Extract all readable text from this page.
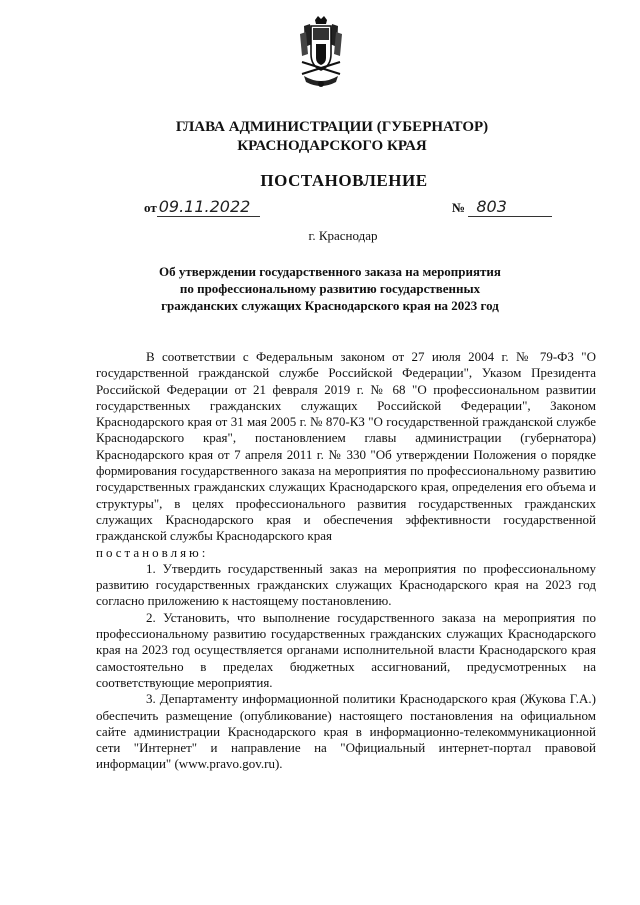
ГЛАВА АДМИНИСТРАЦИИ (ГУБЕРНАТОР)
КРАСНОДАРСКОГО КРАЯ
ПОСТАНОВЛЕНИЕ
от 09.11.2022	№ 803
г. Краснодар
Об утверждении государственного заказа на мероприятия
по профессиональному развитию государственных
гражданских служащих Краснодарского края на 2023 год

В соответствии с Федеральным законом от 27 июля 2004 г. № 79-ФЗ "О государственной гражданской службе Российской Федерации", Указом Президента Российской Федерации от 21 февраля 2019 г. № 68 "О профессиональном развитии государственных гражданских служащих Российской Федерации", Законом Краснодарского края от 31 мая 2005 г. № 870-КЗ "О государственной гражданской службе Краснодарского края", постановлением главы администрации (губернатора) Краснодарского края от 7 апреля 2011 г. № 330 "Об утверждении Положения о порядке формирования государственного заказа на мероприятия по профессиональному развитию государственных гражданских служащих Краснодарского края, определения его объема и структуры", в целях профессионального развития государственных гражданских служащих Краснодарского края и обеспечения эффективности государственной гражданской службы Краснодарского края

постановляю:

1. Утвердить государственный заказ на мероприятия по профессиональному развитию государственных гражданских служащих Краснодарского края на 2023 год согласно приложению к настоящему постановлению.

2. Установить, что выполнение государственного заказа на мероприятия по профессиональному развитию государственных гражданских служащих Краснодарского края на 2023 год осуществляется органами исполнительной власти Краснодарского края самостоятельно в пределах бюджетных ассигнований, предусмотренных на соответствующие мероприятия.

3. Департаменту информационной политики Краснодарского края (Жукова Г.А.) обеспечить размещение (опубликование) настоящего постановления на официальном сайте администрации Краснодарского края в информационно-телекоммуникационной сети "Интернет" и направление на "Официальный интернет-портал правовой информации" (www.pravo.gov.ru).
